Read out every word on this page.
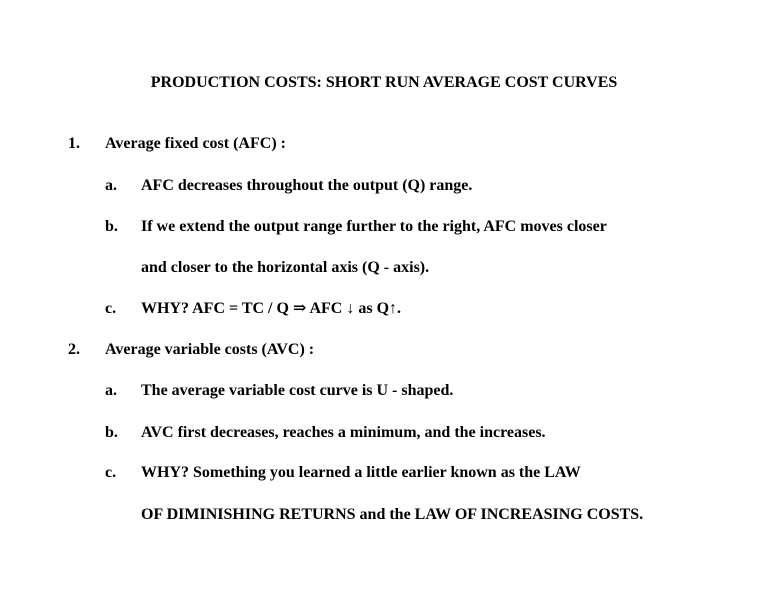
PRODUCTION COSTS: SHORT RUN AVERAGE COST CURVES
1. Average fixed cost (AFC) :
a. AFC decreases throughout the output (Q) range.
b. If we extend the output range further to the right, AFC moves closer
and closer to the horizontal axis (Q - axis).
c. WHY? AFC = TC / Q ⇒ AFC ↓ as Q↑.
2. Average variable costs (AVC) :
a. The average variable cost curve is U - shaped.
b. AVC first decreases, reaches a minimum, and the increases.
c. WHY? Something you learned a little earlier known as the LAW
OF DIMINISHING RETURNS and the LAW OF INCREASING COSTS.
